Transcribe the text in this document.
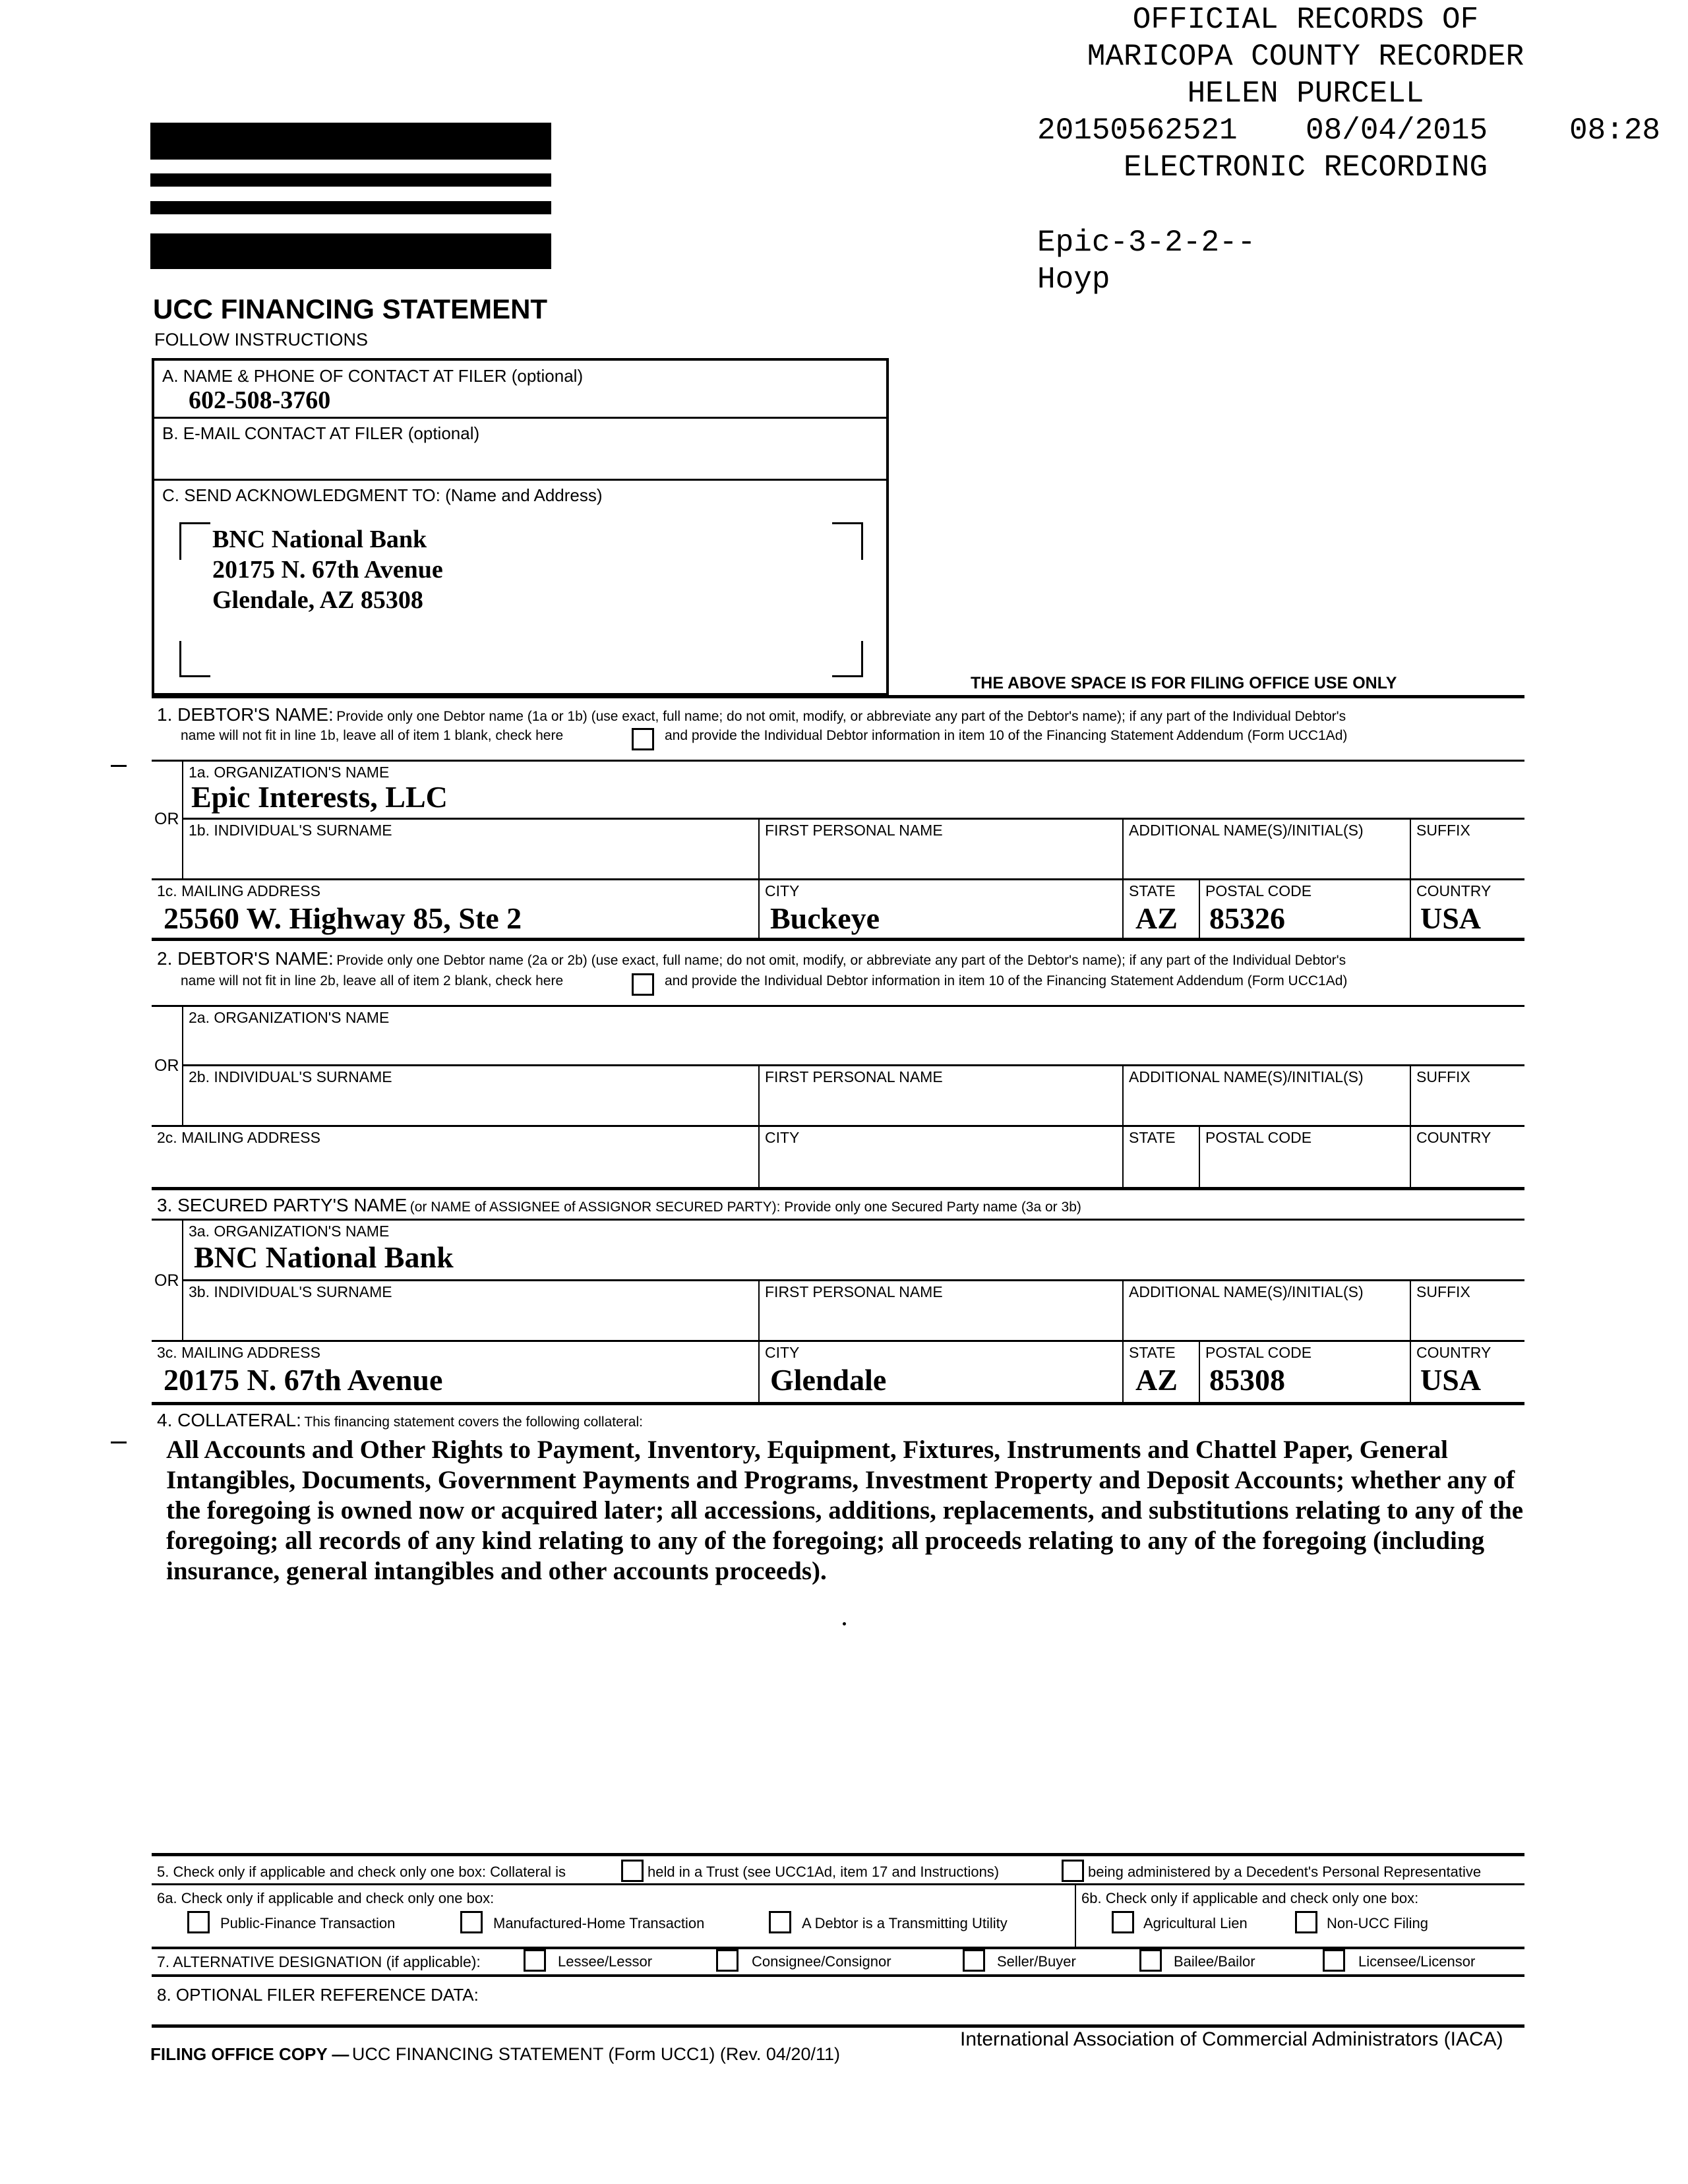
OFFICIAL RECORDS OF
MARICOPA COUNTY RECORDER
HELEN PURCELL
20150562521 08/04/2015	08:28
ELECTRONIC RECORDING
Epic-3-2-2--
Hoyp
UCC FINANCING STATEMENT
FOLLOW INSTRUCTIONS
A. NAME & PHONE OF CONTACT AT FILER (optional)
602-508-3760
B. E-MAIL CONTACT AT FILER (optional)
C. SEND ACKNOWLEDGMENT TO: (Name and Address)
BNC National Bank
20175 N. 67th Avenue
Glendale, AZ 85308
THE ABOVE SPACE IS FOR FILING OFFICE USE ONLY
1. DEBTOR'S NAME: Provide only one Debtor name (1a or 1b) (use exact, full name; do not omit, modify, or abbreviate any part of the Debtor's name); if any part of the Individual Debtor's
name will not fit in line 1b, leave all of item 1 blank, check here	and provide the Individual Debtor information in item 10 of the Financing Statement Addendum (Form UCC1Ad)
1a. ORGANIZATION'S NAME
Epic Interests, LLC
OR
1b. INDIVIDUAL'S SURNAME	FIRST PERSONAL NAME	ADDITIONAL NAME(S)/INITIAL(S)	SUFFIX
1c. MAILING ADDRESS
25560 W. Highway 85, Ste 2
CITY
Buckeye
STATE
AZ
POSTAL CODE
85326
COUNTRY
USA
2. DEBTOR'S NAME: Provide only one Debtor name (2a or 2b) (use exact, full name; do not omit, modify, or abbreviate any part of the Debtor's name); if any part of the Individual Debtor's
name will not fit in line 2b, leave all of item 2 blank, check here	and provide the Individual Debtor information in item 10 of the Financing Statement Addendum (Form UCC1Ad)
2a. ORGANIZATION'S NAME
OR
2b. INDIVIDUAL'S SURNAME	FIRST PERSONAL NAME	ADDITIONAL NAME(S)/INITIAL(S)	SUFFIX
2c. MAILING ADDRESS	CITY	STATE POSTAL CODE	COUNTRY
3. SECURED PARTY'S NAME (or NAME of ASSIGNEE of ASSIGNOR SECURED PARTY): Provide only one Secured Party name (3a or 3b)
3a. ORGANIZATION'S NAME
BNC National Bank
OR
3b. INDIVIDUAL'S SURNAME	FIRST PERSONAL NAME	ADDITIONAL NAME(S)/INITIAL(S)	SUFFIX
3c. MAILING ADDRESS
20175 N. 67th Avenue
CITY
Glendale
STATE
AZ
POSTAL CODE
85308
COUNTRY
USA
4. COLLATERAL: This financing statement covers the following collateral:
All Accounts and Other Rights to Payment, Inventory, Equipment, Fixtures, Instruments and Chattel Paper, General
Intangibles, Documents, Government Payments and Programs, Investment Property and Deposit Accounts; whether any of
the foregoing is owned now or acquired later; all accessions, additions, replacements, and substitutions relating to any of the
foregoing; all records of any kind relating to any of the foregoing; all proceeds relating to any of the foregoing (including
insurance, general intangibles and other accounts proceeds).
5. Check only if applicable and check only one box: Collateral is	held in a Trust (see UCC1Ad, item 17 and Instructions)	being administered by a Decedent's Personal Representative
6a. Check only if applicable and check only one box:	6b. Check only if applicable and check only one box:
Public-Finance Transaction	Manufactured-Home Transaction	A Debtor is a Transmitting Utility	Agricultural Lien	Non-UCC Filing
7. ALTERNATIVE DESIGNATION (if applicable):	Lessee/Lessor	Consignee/Consignor	Seller/Buyer	Bailee/Bailor	Licensee/Licensor
8. OPTIONAL FILER REFERENCE DATA:
FILING OFFICE COPY — UCC FINANCING STATEMENT (Form UCC1) (Rev. 04/20/11)
International Association of Commercial Administrators (IACA)
